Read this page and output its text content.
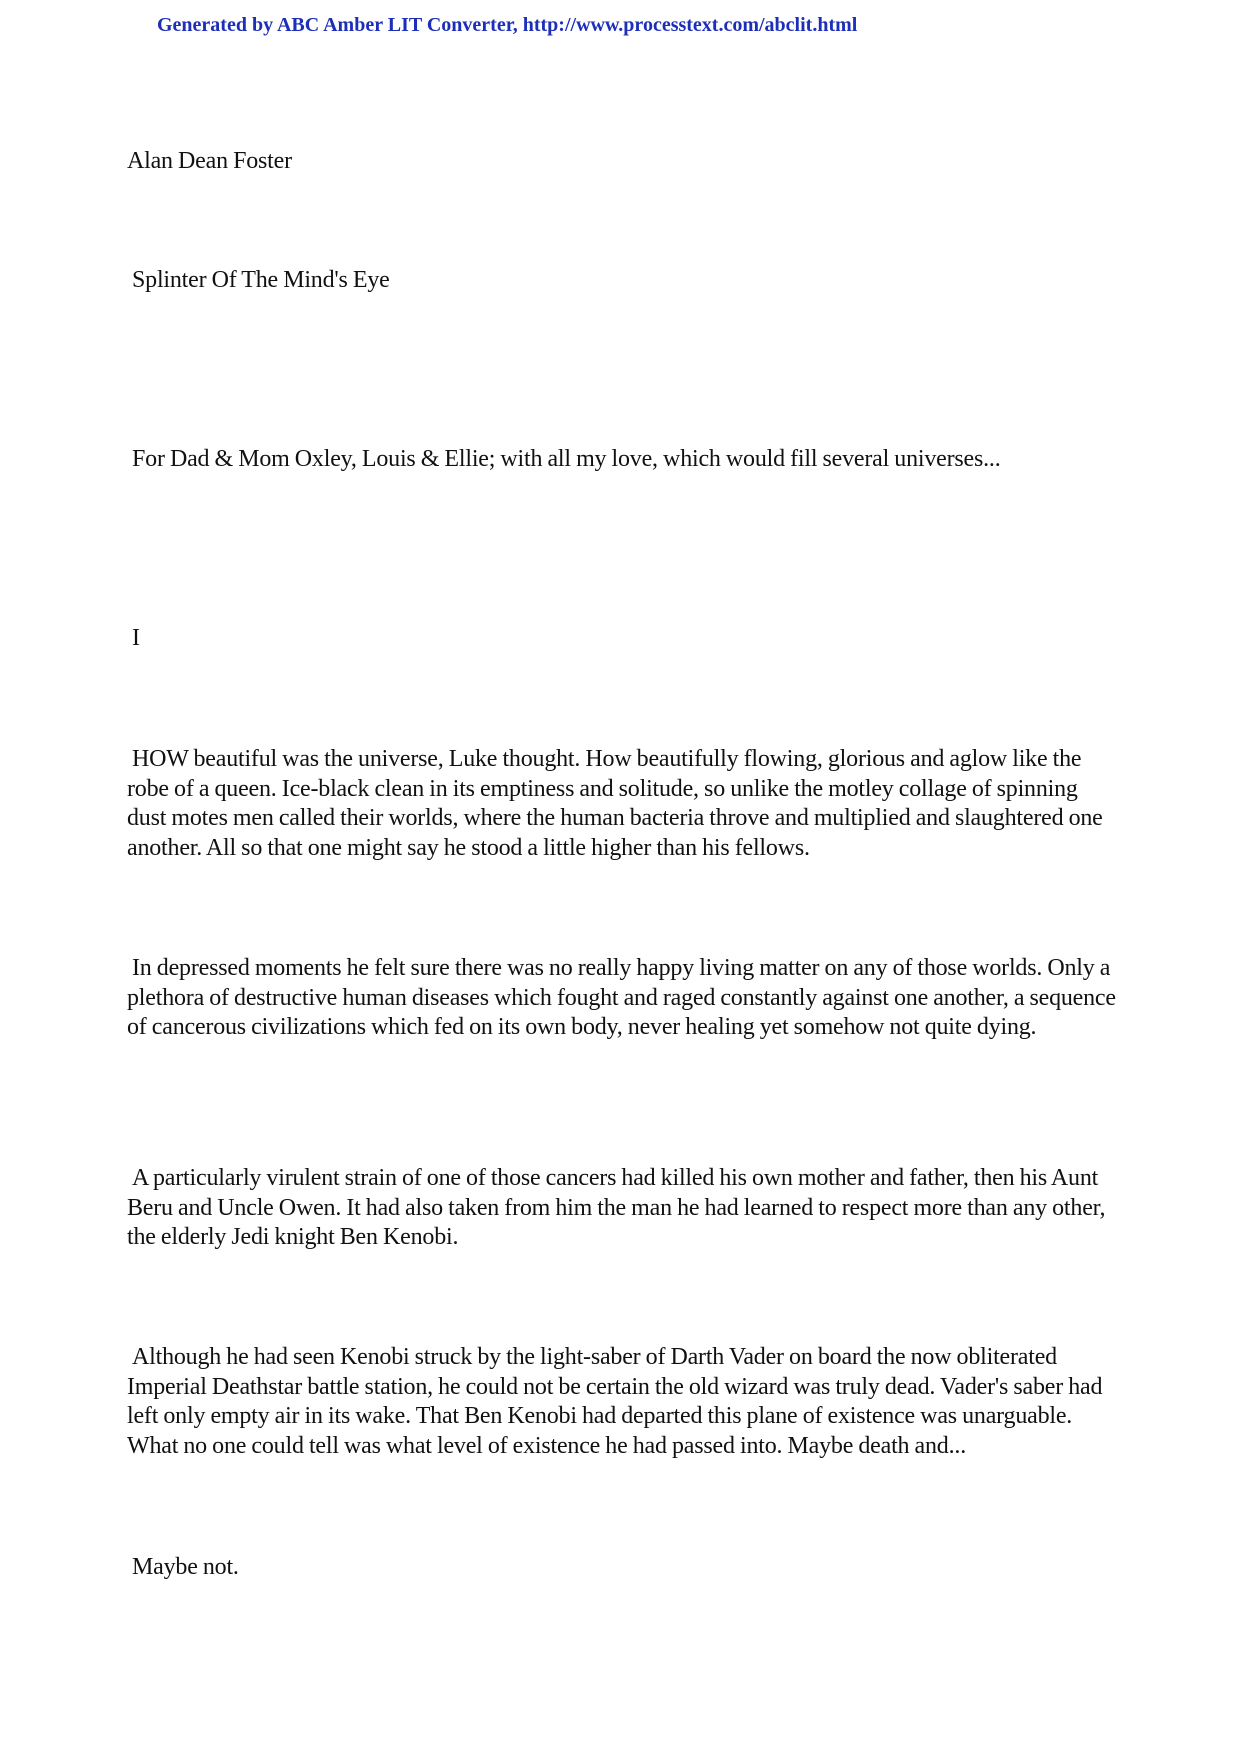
Generated by ABC Amber LIT Converter, http://www.processtext.com/abclit.html

Alan Dean Foster

Splinter Of The Mind's Eye

For Dad & Mom Oxley, Louis & Ellie; with all my love, which would fill several universes...

I

HOW beautiful was the universe, Luke thought. How beautifully flowing, glorious and aglow like the robe of a queen. Ice-black clean in its emptiness and solitude, so unlike the motley collage of spinning dust motes men called their worlds, where the human bacteria throve and multiplied and slaughtered one another. All so that one might say he stood a little higher than his fellows.

In depressed moments he felt sure there was no really happy living matter on any of those worlds. Only a plethora of destructive human diseases which fought and raged constantly against one another, a sequence of cancerous civilizations which fed on its own body, never healing yet somehow not quite dying.

A particularly virulent strain of one of those cancers had killed his own mother and father, then his Aunt Beru and Uncle Owen. It had also taken from him the man he had learned to respect more than any other, the elderly Jedi knight Ben Kenobi.

Although he had seen Kenobi struck by the light-saber of Darth Vader on board the now obliterated Imperial Deathstar battle station, he could not be certain the old wizard was truly dead. Vader's saber had left only empty air in its wake. That Ben Kenobi had departed this plane of existence was unarguable. What no one could tell was what level of existence he had passed into. Maybe death and...

Maybe not.
